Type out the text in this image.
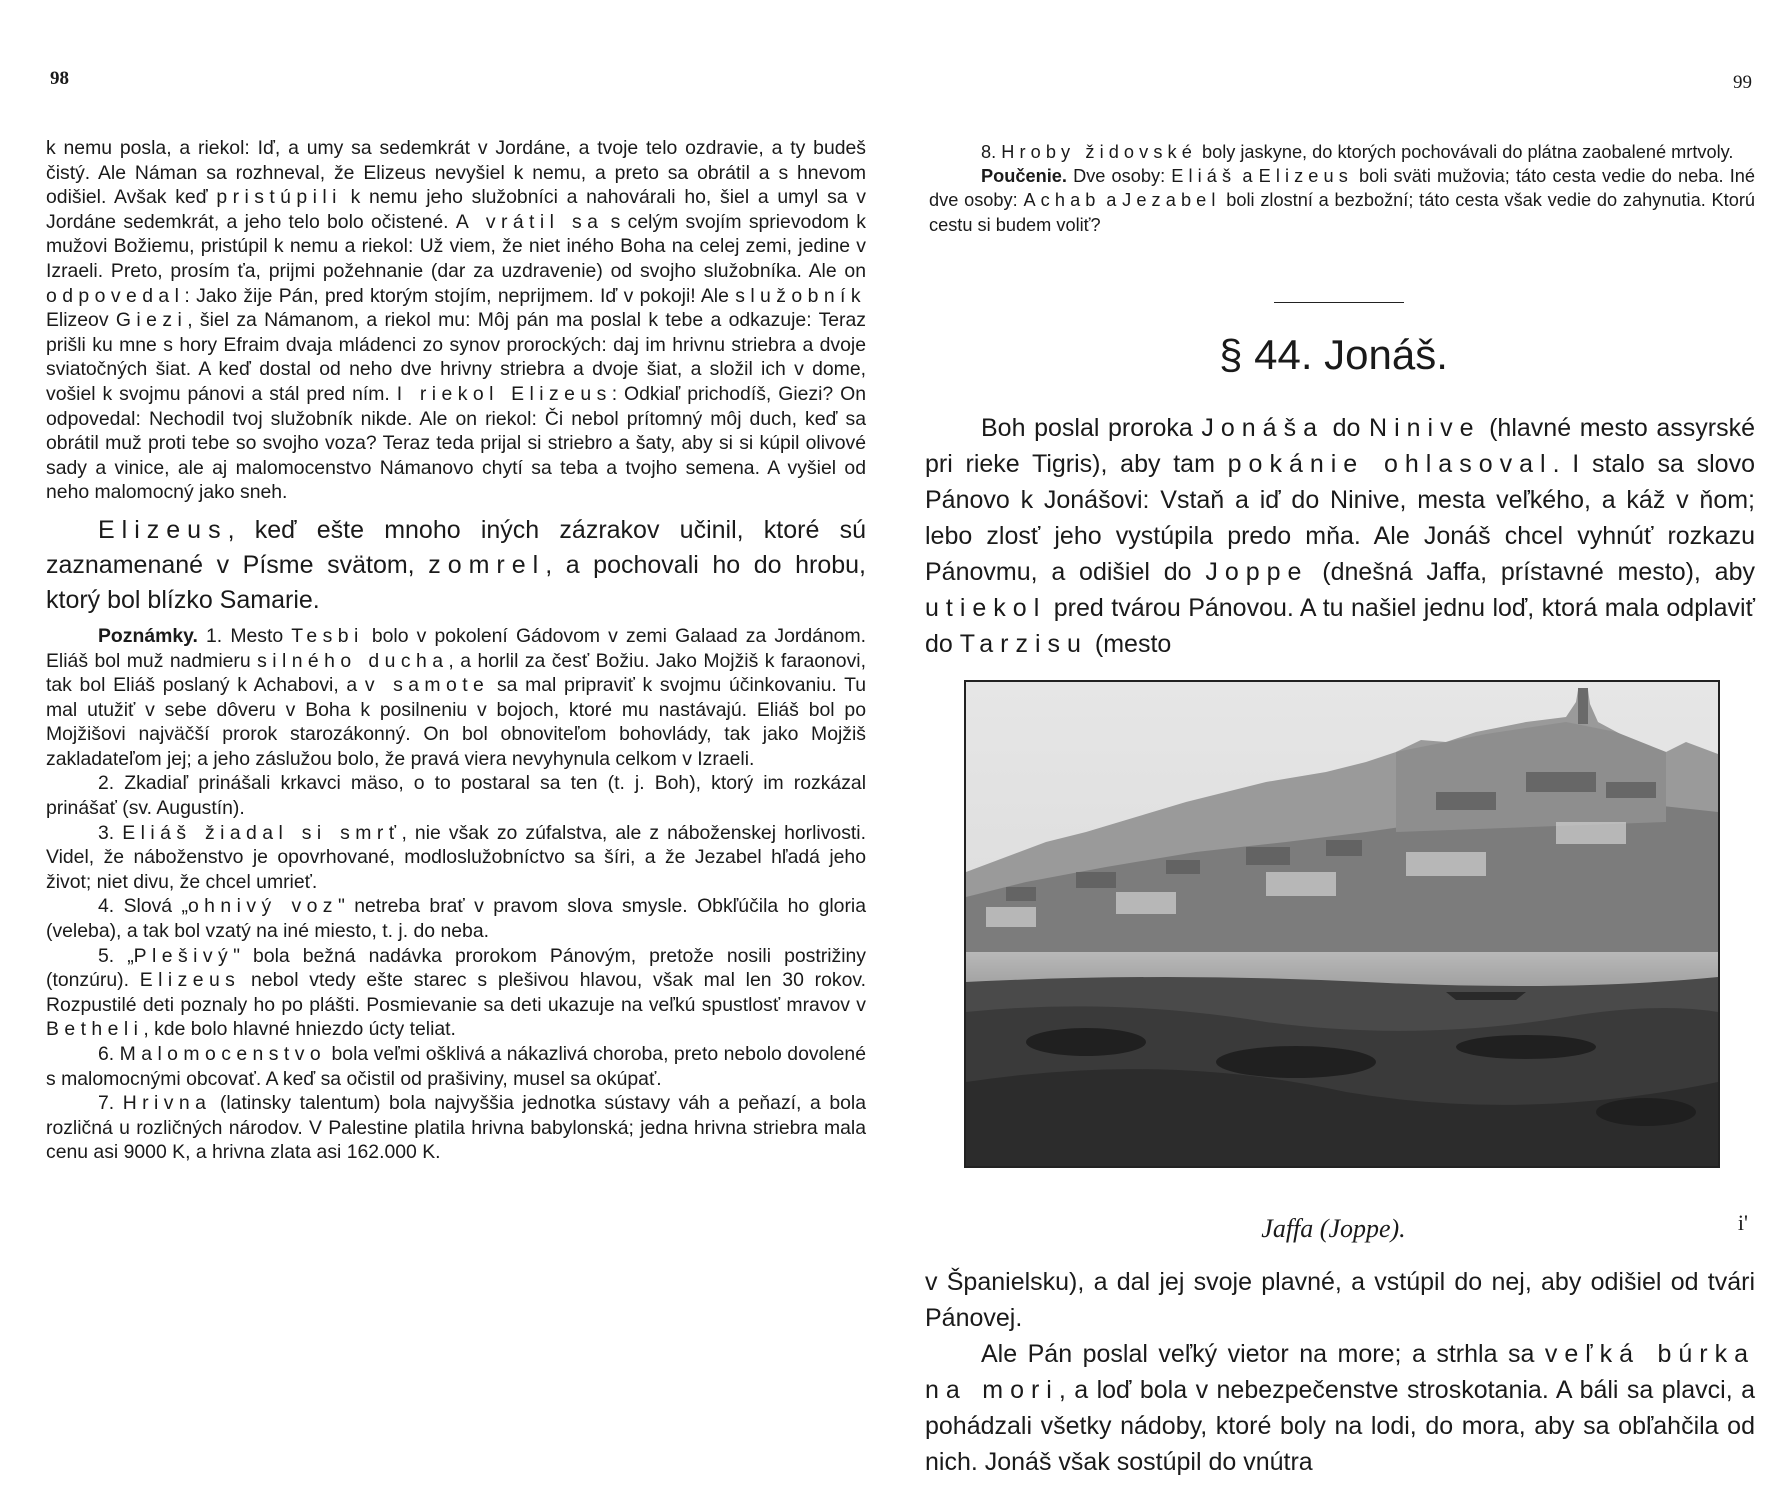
98

k nemu posla, a riekol: Iď, a umy sa sedemkrát v Jordáne, a tvoje telo ozdravie, a ty budeš čistý. Ale Náman sa rozhneval, že Elizeus nevyšiel k nemu, a preto sa obrátil a s hnevom odišiel. Avšak keď pristúpili k nemu jeho služobníci a nahovárali ho, šiel a umyl sa v Jordáne sedemkrát, a jeho telo bolo očistené. A vrátil sa s celým svojím sprievodom k mužovi Božiemu, pristúpil k nemu a riekol: Už viem, že niet iného Boha na celej zemi, jedine v Izraeli. Preto, prosím ťa, prijmi požehnanie (dar za uzdravenie) od svojho služobníka. Ale on odpovedal: Jako žije Pán, pred ktorým stojím, neprijmem. Iď v pokoji! Ale služobník Elizeov Giezi, šiel za Námanom, a riekol mu: Môj pán ma poslal k tebe a odkazuje: Teraz prišli ku mne s hory Efraim dvaja mládenci zo synov prorockých: daj im hrivnu striebra a dvoje sviatočných šiat. A keď dostal od neho dve hrivny striebra a dvoje šiat, a složil ich v dome, vošiel k svojmu pánovi a stál pred ním. I riekol Elizeus: Odkiaľ prichodíš, Giezi? On odpovedal: Nechodil tvoj služobník nikde. Ale on riekol: Či nebol prítomný môj duch, keď sa obrátil muž proti tebe so svojho voza? Teraz teda prijal si striebro a šaty, aby si si kúpil olivové sady a vinice, ale aj malomocenstvo Námanovo chytí sa teba a tvojho semena. A vyšiel od neho malomocný jako sneh.

Elizeus, keď ešte mnoho iných zázrakov učinil, ktoré sú zaznamenané v Písme svätom, zomrel, a pochovali ho do hrobu, ktorý bol blízko Samarie.

Poznámky. 1. Mesto Tesbi bolo v pokolení Gádovom v zemi Galaad za Jordánom. Eliáš bol muž nadmieru silného ducha, a horlil za česť Božiu. Jako Mojžiš k faraonovi, tak bol Eliáš poslaný k Achabovi, a v samote sa mal pripraviť k svojmu účinkovaniu. Tu mal utužiť v sebe dôveru v Boha k posilneniu v bojoch, ktoré mu nastávajú. Eliáš bol po Mojžišovi najväčší prorok starozákonný. On bol obnoviteľom bohovlády, tak jako Mojžiš zakladateľom jej; a jeho záslužou bolo, že pravá viera nevyhynula celkom v Izraeli.

2. Zkadiaľ prinášali krkavci mäso, o to postaral sa ten (t. j. Boh), ktorý im rozkázal prinášať (sv. Augustín).

3. Eliáš žiadal si smrť, nie však zo zúfalstva, ale z náboženskej horlivosti. Videl, že náboženstvo je opovrhované, modloslužobníctvo sa šíri, a že Jezabel hľadá jeho život; niet divu, že chcel umrieť.

4. Slová „ohnivý voz" netreba brať v pravom slova smysle. Obkľúčila ho gloria (veleba), a tak bol vzatý na iné miesto, t. j. do neba.

5. „Plešivý" bola bežná nadávka prorokom Pánovým, pretože nosili postrižiny (tonzúru). Elizeus nebol vtedy ešte starec s plešivou hlavou, však mal len 30 rokov. Rozpustilé deti poznaly ho po plášti. Posmievanie sa deti ukazuje na veľkú spustlosť mravov v Betheli, kde bolo hlavné hniezdo úcty teliat.

6. Malomocenstvo bola veľmi ošklivá a nákazlivá choroba, preto nebolo dovolené s malomocnými obcovať. A keď sa očistil od prašiviny, musel sa okúpať.

7. Hrivna (latinsky talentum) bola najvyššia jednotka sústavy váh a peňazí, a bola rozličná u rozličných národov. V Palestine platila hrivna babylonská; jedna hrivna striebra mala cenu asi 9000 K, a hrivna zlata asi 162.000 K.

99

8. Hroby židovské boly jaskyne, do ktorých pochovávali do plátna zaobalené mrtvoly.

Poučenie. Dve osoby: Eliáš a Elizeus boli sväti mužovia; táto cesta vedie do neba. Iné dve osoby: Achab a Jezabel boli zlostní a bezbožní; táto cesta však vedie do zahynutia. Ktorú cestu si budem voliť?

§ 44. Jonáš.

Boh poslal proroka Jonáša do Ninive (hlavné mesto assyrské pri rieke Tigris), aby tam pokánie ohlasoval. I stalo sa slovo Pánovo k Jonášovi: Vstaň a iď do Ninive, mesta veľkého, a káž v ňom; lebo zlosť jeho vystúpila predo mňa. Ale Jonáš chcel vyhnúť rozkazu Pánovmu, a odišiel do Joppe (dnešná Jaffa, prístavné mesto), aby utiekol pred tvárou Pánovou. A tu našiel jednu loď, ktorá mala odplaviť do Tarzisu (mesto

Jaffa (Joppe).	i'

v Španielsku), a dal jej svoje plavné, a vstúpil do nej, aby odišiel od tvári Pánovej.

Ale Pán poslal veľký vietor na more; a strhla sa veľká búrka na mori, a loď bola v nebezpečenstve stroskotania. A báli sa plavci, a pohádzali všetky nádoby, ktoré boly na lodi, do mora, aby sa obľahčila od nich. Jonáš však sostúpil do vnútra
